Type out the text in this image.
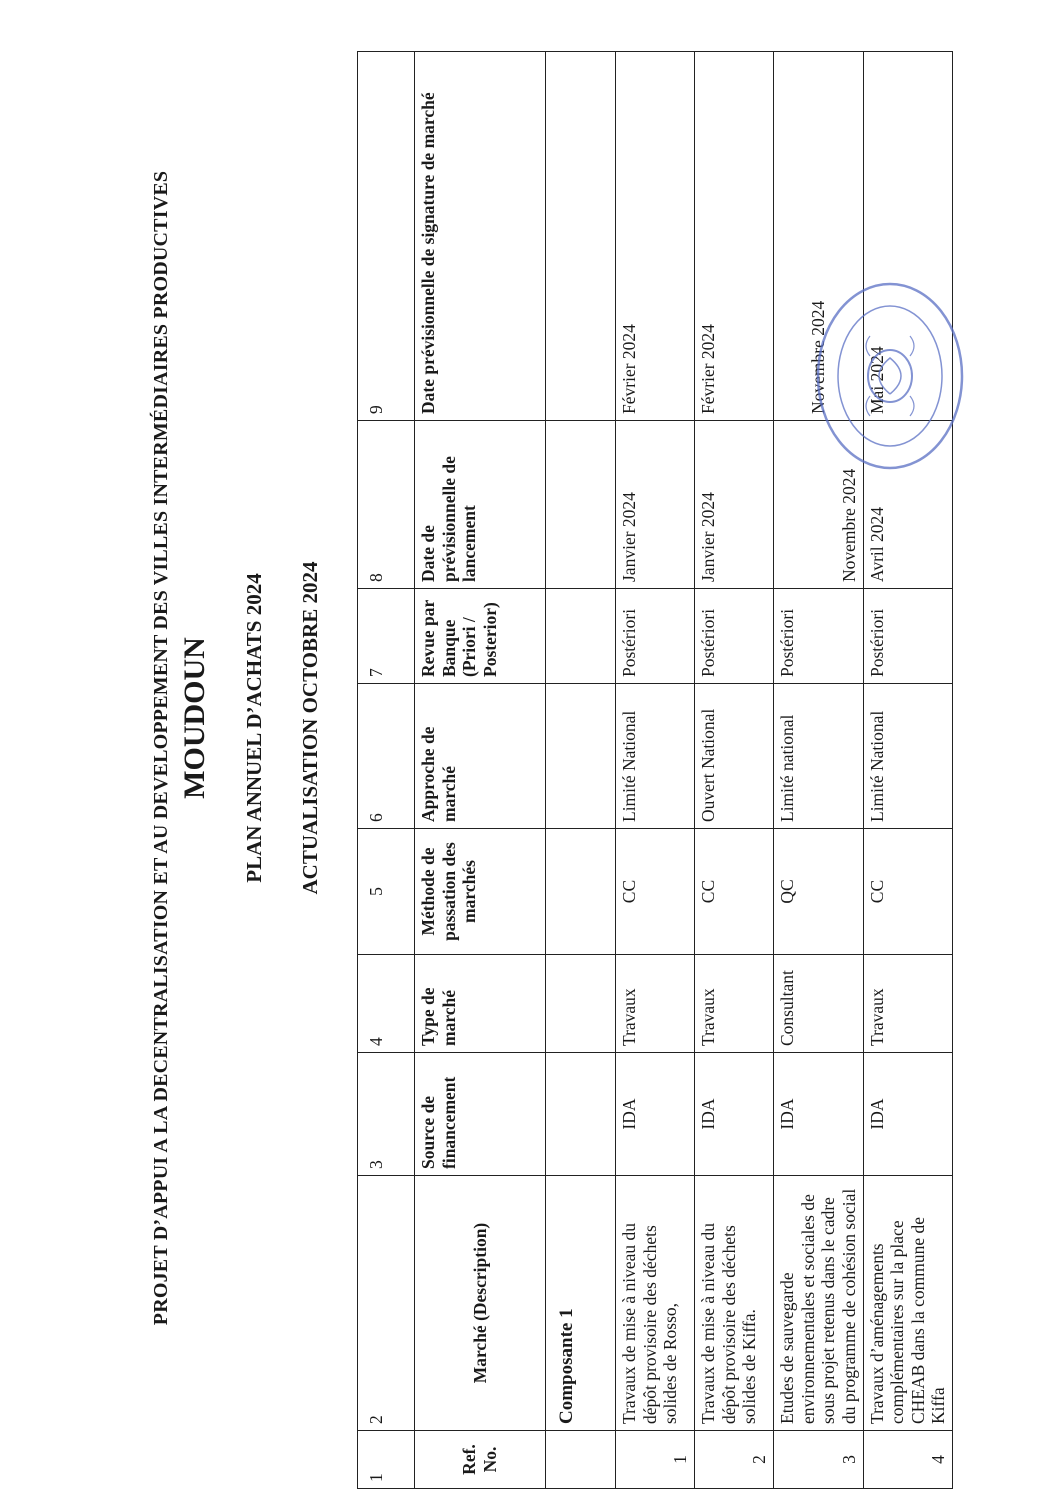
PROJET D’APPUI A LA DECENTRALISATION ET AU DEVELOPPEMENT DES VILLES INTERMÉDIAIRES PRODUCTIVES MOUDOUN PLAN ANNUEL D’ACHATS 2024 ACTUALISATION OCTOBRE 2024
1	2	3	4	5	6	7	8	9
Ref. No.	Marché (Description)	Source de financement	Type de marché	Méthode de passation des marchés	Approche de marché	Revue par Banque (Priori / Posterior)	Date de prévisionnelle de lancement	Date prévisionnelle de signature de marché
	Composante 1							
1	Travaux de mise à niveau du dépôt provisoire des déchets solides de Rosso,	IDA	Travaux	CC	Limité National	Postériori	Janvier 2024	Février 2024
2	Travaux de mise à niveau du dépôt provisoire des déchets solides de Kiffa.	IDA	Travaux	CC	Ouvert National	Postériori	Janvier 2024	Février 2024
3	Etudes de sauvegarde environnementales et sociales de sous projet retenus dans le cadre du programme de cohésion social	IDA	Consultant	QC	Limité national	Postériori	Novembre 2024	Novembre 2024
4	Travaux d’aménagements complémentaires sur la place CHEAB dans la commune de Kiffa	IDA	Travaux	CC	Limité National	Postériori	Avril 2024	Mai 2024
